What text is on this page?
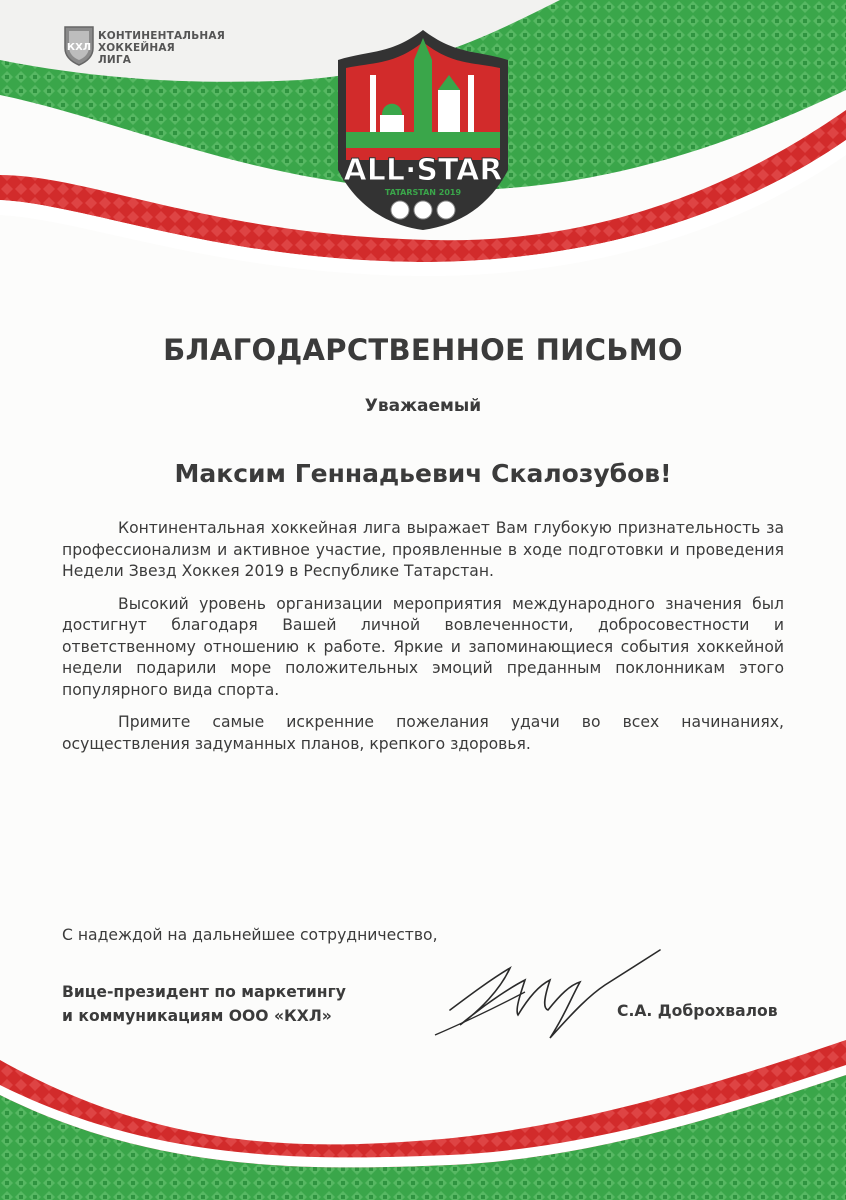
КХЛ
КОНТИНЕНТАЛЬНАЯ
ХОККЕЙНАЯ
ЛИГА
ALL·STAR
TATARSTAN 2019
БЛАГОДАРСТВЕННОЕ ПИСЬМО
Уважаемый
Максим Геннадьевич Скалозубов!

Континентальная хоккейная лига выражает Вам глубокую признательность за профессионализм и активное участие, проявленные в ходе подготовки и проведения Недели Звезд Хоккея 2019 в Республике Татарстан.

Высокий уровень организации мероприятия международного значения был достигнут благодаря Вашей личной вовлеченности, добросовестности и ответственному отношению к работе. Яркие и запоминающиеся события хоккейной недели подарили море положительных эмоций преданным поклонникам этого популярного вида спорта.

Примите самые искренние пожелания удачи во всех начинаниях, осуществления задуманных планов, крепкого здоровья.

С надеждой на дальнейшее сотрудничество,
Вице-президент по маркетингу
и коммуникациям ООО «КХЛ»	С.А. Доброхвалов
